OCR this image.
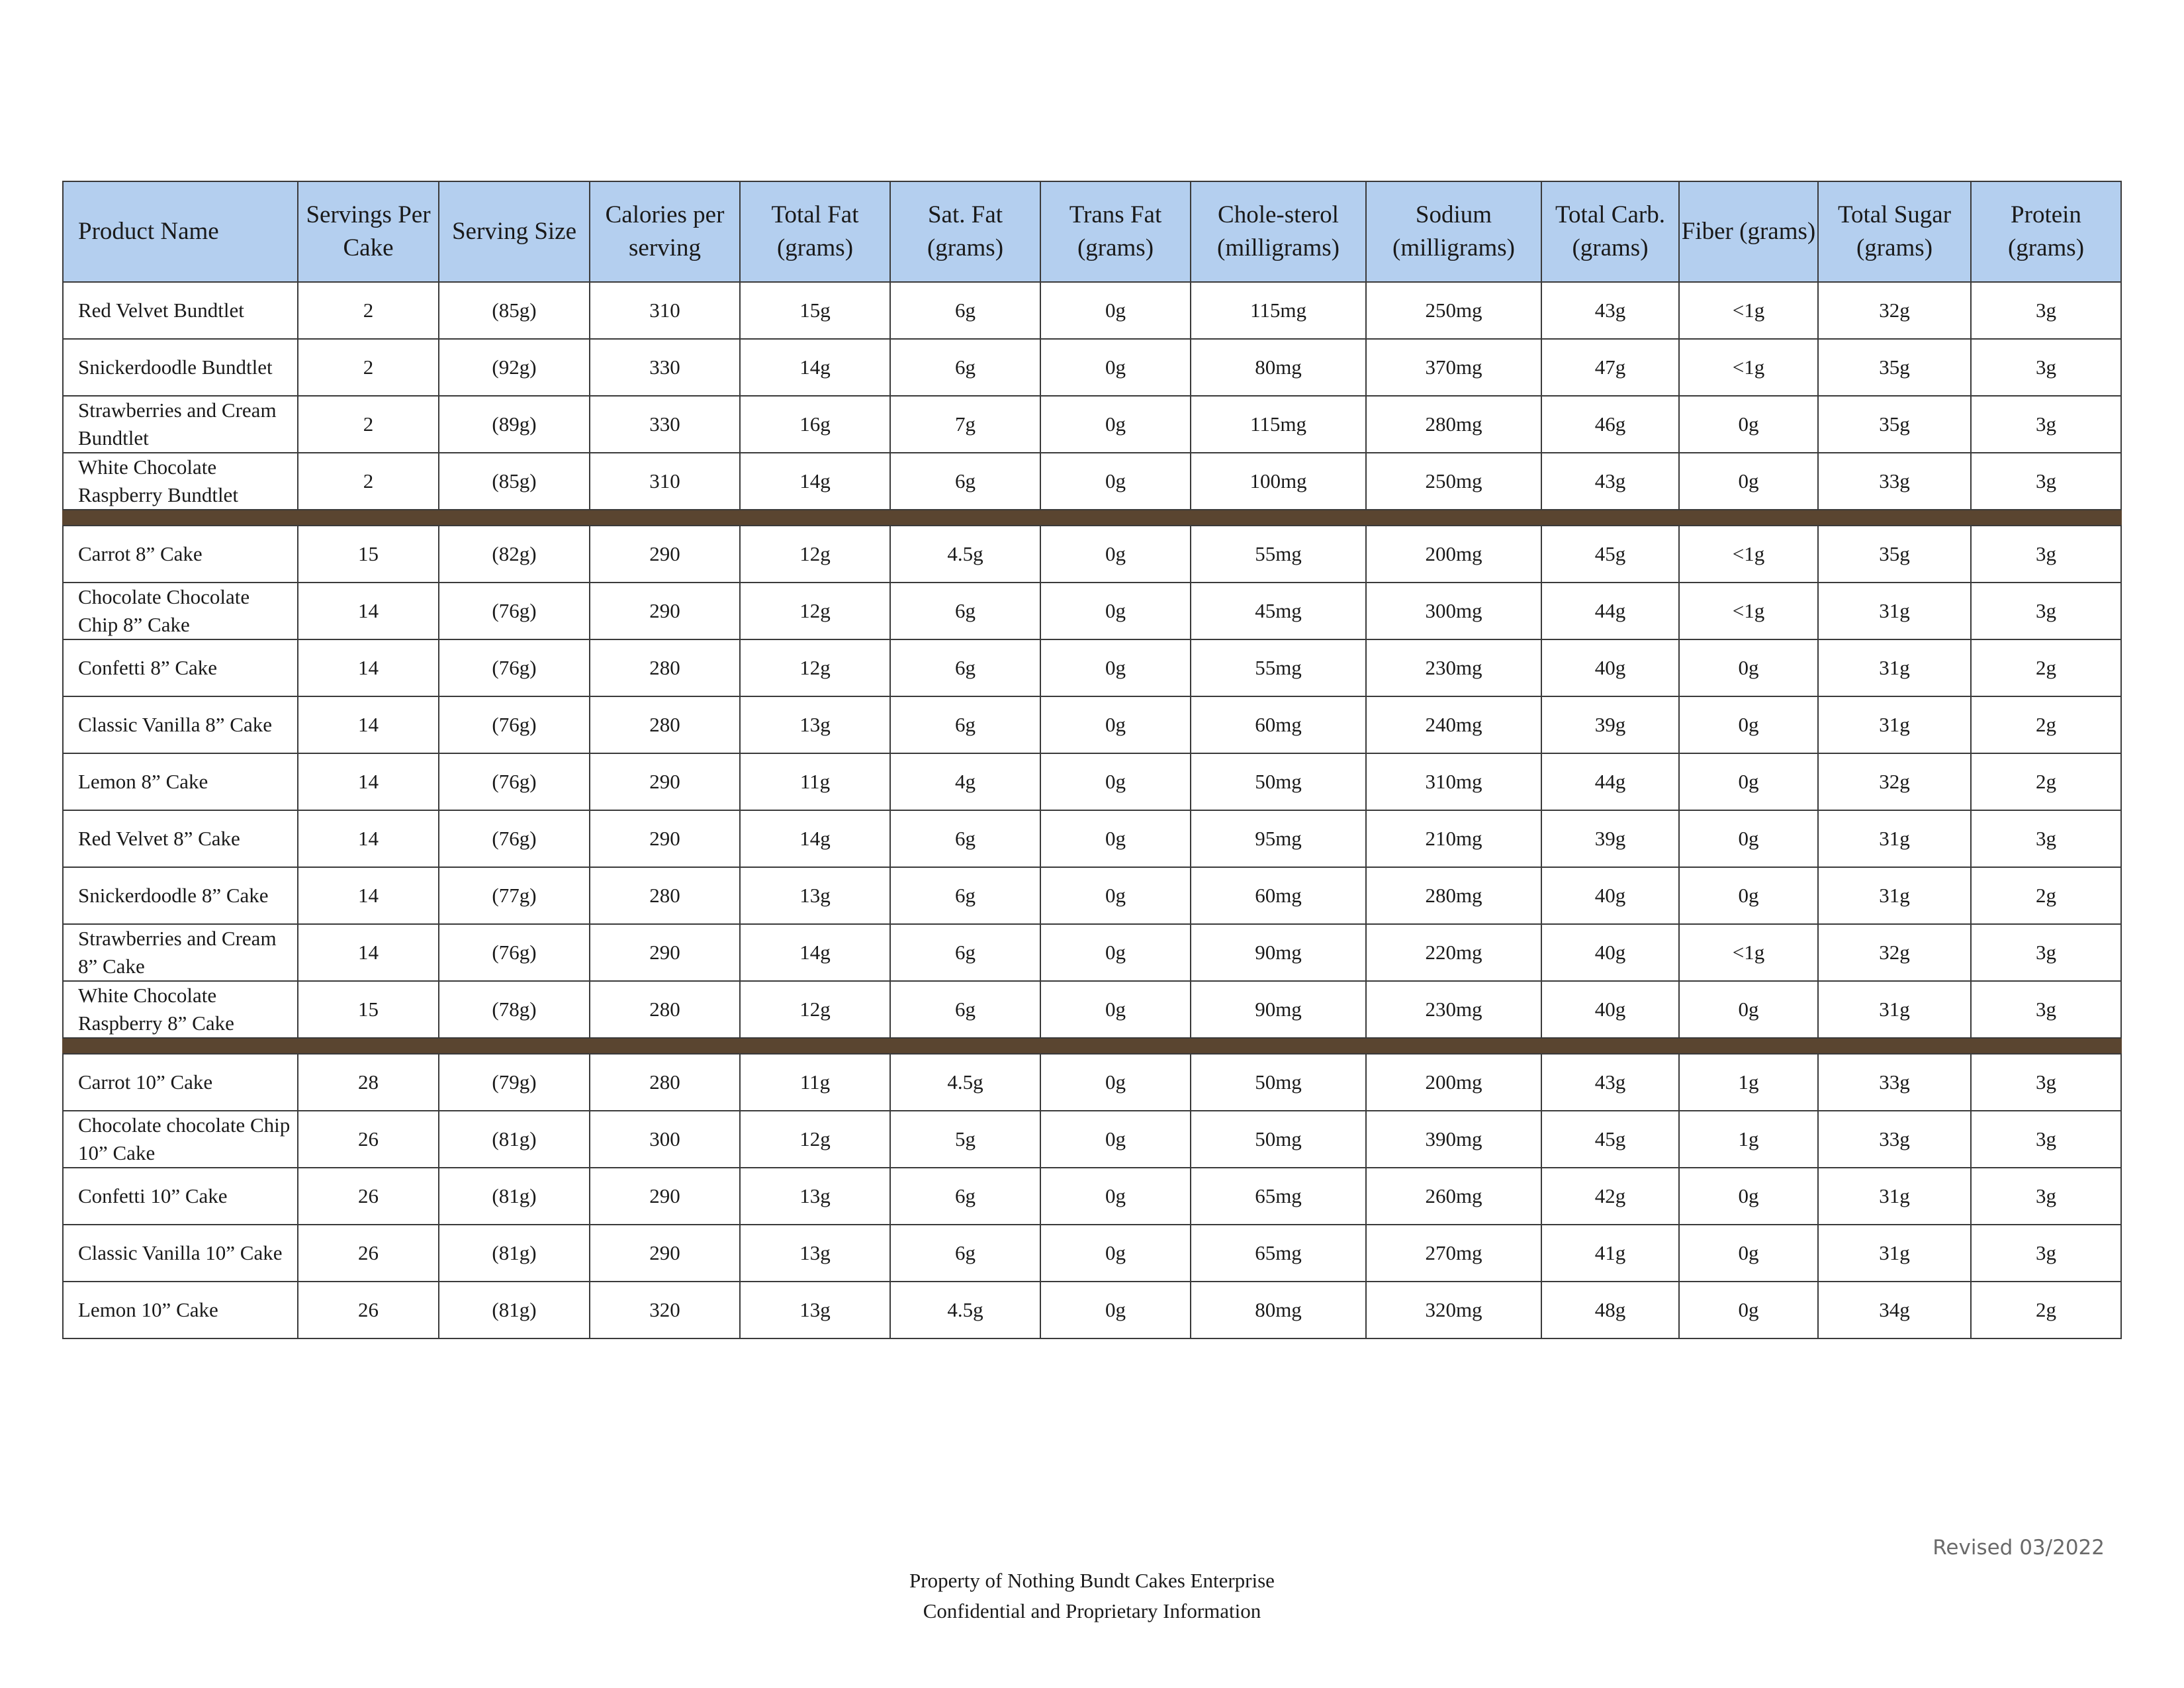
Product Name	Servings Per Cake	Serving Size	Calories per serving	Total Fat (grams)	Sat. Fat (grams)	Trans Fat (grams)	Chole-sterol (milligrams)	Sodium (milligrams)	Total Carb. (grams)	Fiber (grams)	Total Sugar (grams)	Protein (grams)
Red Velvet Bundtlet	2	(85g)	310	15g	6g	0g	115mg	250mg	43g	<1g	32g	3g
Snickerdoodle Bundtlet	2	(92g)	330	14g	6g	0g	80mg	370mg	47g	<1g	35g	3g
Strawberries and Cream Bundtlet	2	(89g)	330	16g	7g	0g	115mg	280mg	46g	0g	35g	3g
White Chocolate Raspberry Bundtlet	2	(85g)	310	14g	6g	0g	100mg	250mg	43g	0g	33g	3g

Carrot 8” Cake	15	(82g)	290	12g	4.5g	0g	55mg	200mg	45g	<1g	35g	3g
Chocolate Chocolate Chip 8” Cake	14	(76g)	290	12g	6g	0g	45mg	300mg	44g	<1g	31g	3g
Confetti 8” Cake	14	(76g)	280	12g	6g	0g	55mg	230mg	40g	0g	31g	2g
Classic Vanilla 8” Cake	14	(76g)	280	13g	6g	0g	60mg	240mg	39g	0g	31g	2g
Lemon 8” Cake	14	(76g)	290	11g	4g	0g	50mg	310mg	44g	0g	32g	2g
Red Velvet 8” Cake	14	(76g)	290	14g	6g	0g	95mg	210mg	39g	0g	31g	3g
Snickerdoodle 8” Cake	14	(77g)	280	13g	6g	0g	60mg	280mg	40g	0g	31g	2g
Strawberries and Cream 8” Cake	14	(76g)	290	14g	6g	0g	90mg	220mg	40g	<1g	32g	3g
White Chocolate Raspberry 8” Cake	15	(78g)	280	12g	6g	0g	90mg	230mg	40g	0g	31g	3g

Carrot 10” Cake	28	(79g)	280	11g	4.5g	0g	50mg	200mg	43g	1g	33g	3g
Chocolate chocolate Chip 10” Cake	26	(81g)	300	12g	5g	0g	50mg	390mg	45g	1g	33g	3g
Confetti 10” Cake	26	(81g)	290	13g	6g	0g	65mg	260mg	42g	0g	31g	3g
Classic Vanilla 10” Cake	26	(81g)	290	13g	6g	0g	65mg	270mg	41g	0g	31g	3g
Lemon 10” Cake	26	(81g)	320	13g	4.5g	0g	80mg	320mg	48g	0g	34g	2g
Revised 03/2022
Property of Nothing Bundt Cakes Enterprise
Confidential and Proprietary Information
